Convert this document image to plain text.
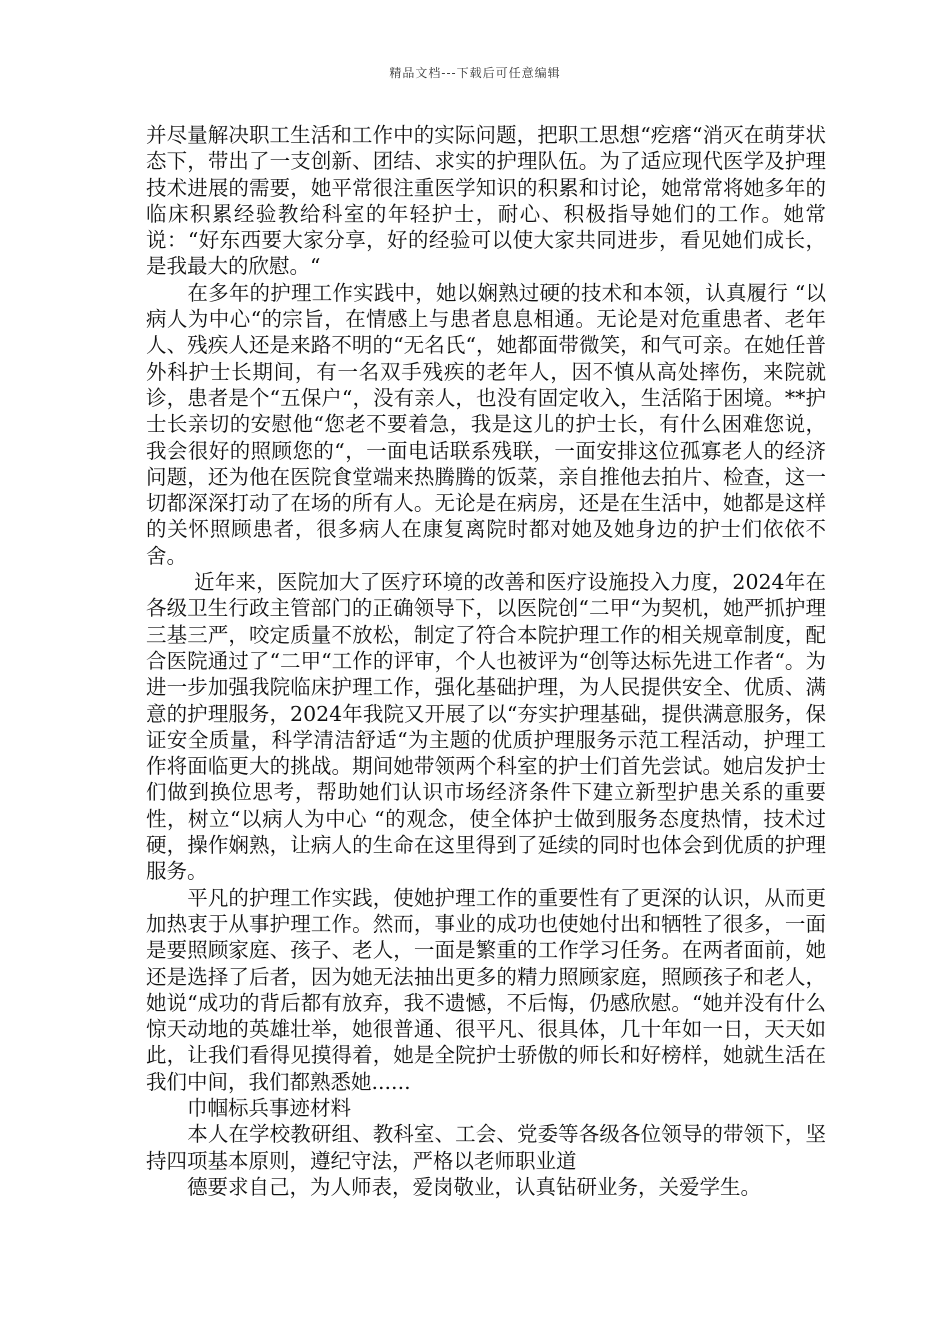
精品文档---下载后可任意编辑

并尽量解决职工生活和工作中的实际问题，把职工思想“疙瘩“消灭在萌芽状态下，带出了一支创新、团结、求实的护理队伍。为了适应现代医学及护理技术进展的需要，她平常很注重医学知识的积累和讨论，她常常将她多年的临床积累经验教给科室的年轻护士，耐心、积极指导她们的工作。她常说：“好东西要大家分享，好的经验可以使大家共同进步，看见她们成长，是我最大的欣慰。“

　　在多年的护理工作实践中，她以娴熟过硬的技术和本领，认真履行 “以病人为中心“的宗旨，在情感上与患者息息相通。无论是对危重患者、老年人、残疾人还是来路不明的“无名氏“，她都面带微笑，和气可亲。在她任普外科护士长期间，有一名双手残疾的老年人，因不慎从高处摔伤，来院就诊，患者是个“五保户“，没有亲人，也没有固定收入，生活陷于困境。**护士长亲切的安慰他“您老不要着急，我是这儿的护士长，有什么困难您说，我会很好的照顾您的“，一面电话联系残联，一面安排这位孤寡老人的经济问题，还为他在医院食堂端来热腾腾的饭菜，亲自推他去拍片、检查，这一切都深深打动了在场的所有人。无论是在病房，还是在生活中，她都是这样的关怀照顾患者，很多病人在康复离院时都对她及她身边的护士们依依不舍。

　　 近年来，医院加大了医疗环境的改善和医疗设施投入力度，2024年在各级卫生行政主管部门的正确领导下，以医院创“二甲“为契机，她严抓护理三基三严，咬定质量不放松，制定了符合本院护理工作的相关规章制度，配合医院通过了“二甲“工作的评审，个人也被评为“创等达标先进工作者“。为进一步加强我院临床护理工作，强化基础护理，为人民提供安全、优质、满意的护理服务，2024年我院又开展了以“夯实护理基础，提供满意服务，保证安全质量，科学清洁舒适“为主题的优质护理服务示范工程活动，护理工作将面临更大的挑战。期间她带领两个科室的护士们首先尝试。她启发护士们做到换位思考，帮助她们认识市场经济条件下建立新型护患关系的重要性，树立“以病人为中心 “的观念，使全体护士做到服务态度热情，技术过硬，操作娴熟，让病人的生命在这里得到了延续的同时也体会到优质的护理服务。

　　平凡的护理工作实践，使她护理工作的重要性有了更深的认识，从而更加热衷于从事护理工作。然而，事业的成功也使她付出和牺牲了很多，一面是要照顾家庭、孩子、老人，一面是繁重的工作学习任务。在两者面前，她还是选择了后者，因为她无法抽出更多的精力照顾家庭，照顾孩子和老人，她说“成功的背后都有放弃，我不遗憾，不后悔，仍感欣慰。“她并没有什么惊天动地的英雄壮举，她很普通、很平凡、很具体，几十年如一日，天天如此，让我们看得见摸得着，她是全院护士骄傲的师长和好榜样，她就生活在我们中间，我们都熟悉她......

　　巾帼标兵事迹材料

　　本人在学校教研组、教科室、工会、党委等各级各位领导的带领下，坚持四项基本原则，遵纪守法，严格以老师职业道

　　德要求自己，为人师表，爱岗敬业，认真钻研业务，关爱学生。
